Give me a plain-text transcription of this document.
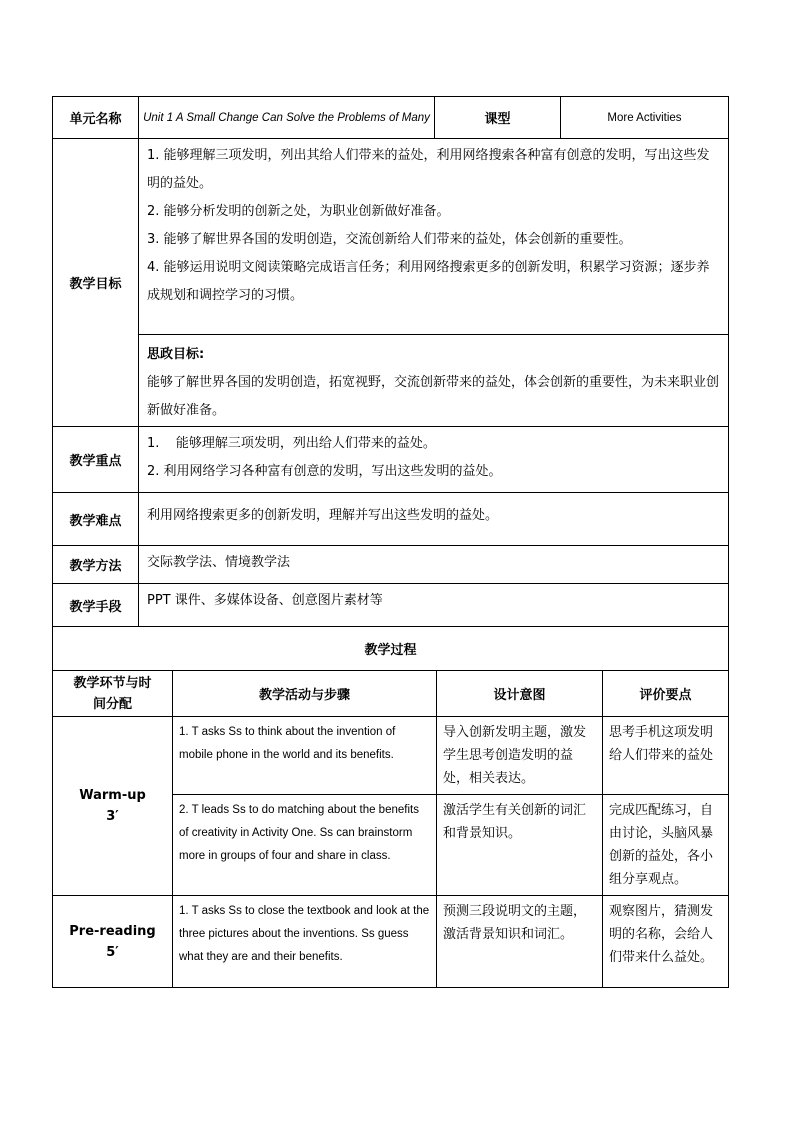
单元名称	Unit 1 A Small Change Can Solve the Problems of Many	课型	More Activities
教学目标	1. 能够理解三项发明，列出其给人们带来的益处，利用网络搜索各种富有创意的发明，写出这些发明的益处。
2. 能够分析发明的创新之处，为职业创新做好准备。
3. 能够了解世界各国的发明创造，交流创新给人们带来的益处，体会创新的重要性。
4. 能够运用说明文阅读策略完成语言任务；利用网络搜索更多的创新发明，积累学习资源；逐步养成规划和调控学习的习惯。		

	思政目标:
能够了解世界各国的发明创造，拓宽视野，交流创新带来的益处，体会创新的重要性，为未来职业创新做好准备。		

教学重点	1.    能够理解三项发明，列出给人们带来的益处。
2. 利用网络学习各种富有创意的发明，写出这些发明的益处。		

教学难点	利用网络搜索更多的创新发明，理解并写出这些发明的益处。		
教学方法	交际教学法、情境教学法		
教学手段	PPT 课件、多媒体设备、创意图片素材等		
教学过程			
教学环节与时间分配	教学活动与步骤	设计意图	评价要点

Warm-up
3′	1. T asks Ss to think about the invention of mobile phone in the world and its benefits.	导入创新发明主题，激发学生思考创造发明的益处，相关表达。	思考手机这项发明给人们带来的益处
	2. T leads Ss to do matching about the benefits of creativity in Activity One. Ss can brainstorm more in groups of four and share in class.	激活学生有关创新的词汇和背景知识。	完成匹配练习，自由讨论，头脑风暴创新的益处，各小组分享观点。

Pre-reading
5′	1. T asks Ss to close the textbook and look at the three pictures about the inventions. Ss guess what they are and their benefits.	预测三段说明文的主题，激活背景知识和词汇。	观察图片，猜测发明的名称，会给人们带来什么益处。
